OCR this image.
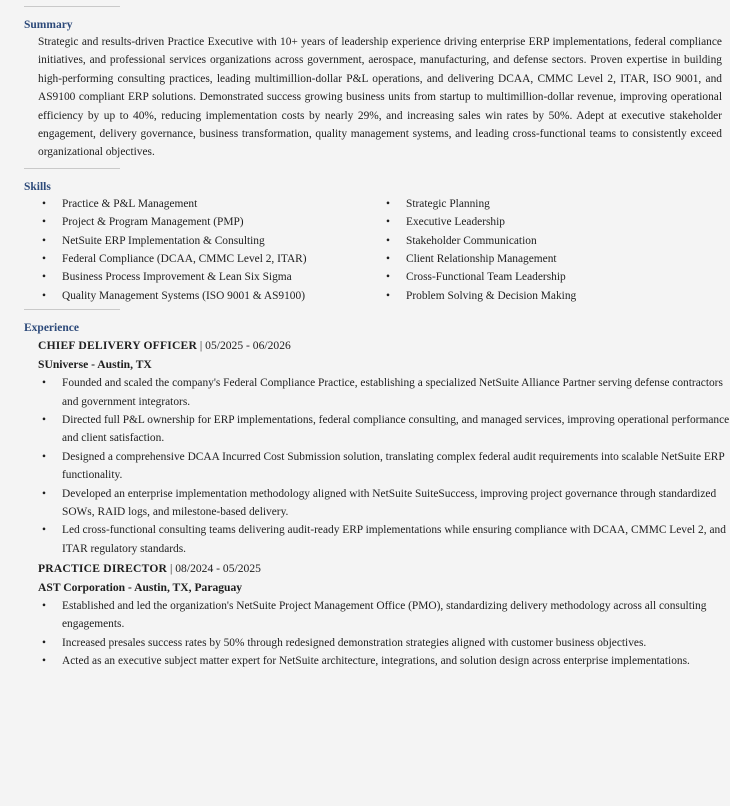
Summary

Strategic and results-driven Practice Executive with 10+ years of leadership experience driving enterprise ERP implementations, federal compliance initiatives, and professional services organizations across government, aerospace, manufacturing, and defense sectors. Proven expertise in building high-performing consulting practices, leading multimillion-dollar P&L operations, and delivering DCAA, CMMC Level 2, ITAR, ISO 9001, and AS9100 compliant ERP solutions. Demonstrated success growing business units from startup to multimillion-dollar revenue, improving operational efficiency by up to 40%, reducing implementation costs by nearly 29%, and increasing sales win rates by 50%. Adept at executive stakeholder engagement, delivery governance, business transformation, quality management systems, and leading cross-functional teams to consistently exceed organizational objectives.

Skills
• Practice & P&L Management
• Project & Program Management (PMP)
• NetSuite ERP Implementation & Consulting
• Federal Compliance (DCAA, CMMC Level 2, ITAR)
• Business Process Improvement & Lean Six Sigma
• Quality Management Systems (ISO 9001 & AS9100)
• Strategic Planning
• Executive Leadership
• Stakeholder Communication
• Client Relationship Management
• Cross-Functional Team Leadership
• Problem Solving & Decision Making
Experience
CHIEF DELIVERY OFFICER | 05/2025 - 06/2026
SUniverse - Austin, TX
• Founded and scaled the company's Federal Compliance Practice, establishing a specialized NetSuite Alliance Partner serving defense contractors and government integrators.
• Directed full P&L ownership for ERP implementations, federal compliance consulting, and managed services, improving operational performance and client satisfaction.
• Designed a comprehensive DCAA Incurred Cost Submission solution, translating complex federal audit requirements into scalable NetSuite ERP functionality.
• Developed an enterprise implementation methodology aligned with NetSuite SuiteSuccess, improving project governance through standardized SOWs, RAID logs, and milestone-based delivery.
• Led cross-functional consulting teams delivering audit-ready ERP implementations while ensuring compliance with DCAA, CMMC Level 2, and ITAR regulatory standards.
PRACTICE DIRECTOR | 08/2024 - 05/2025
AST Corporation - Austin, TX, Paraguay
• Established and led the organization's NetSuite Project Management Office (PMO), standardizing delivery methodology across all consulting engagements.
• Increased presales success rates by 50% through redesigned demonstration strategies aligned with customer business objectives.
• Acted as an executive subject matter expert for NetSuite architecture, integrations, and solution design across enterprise implementations.
